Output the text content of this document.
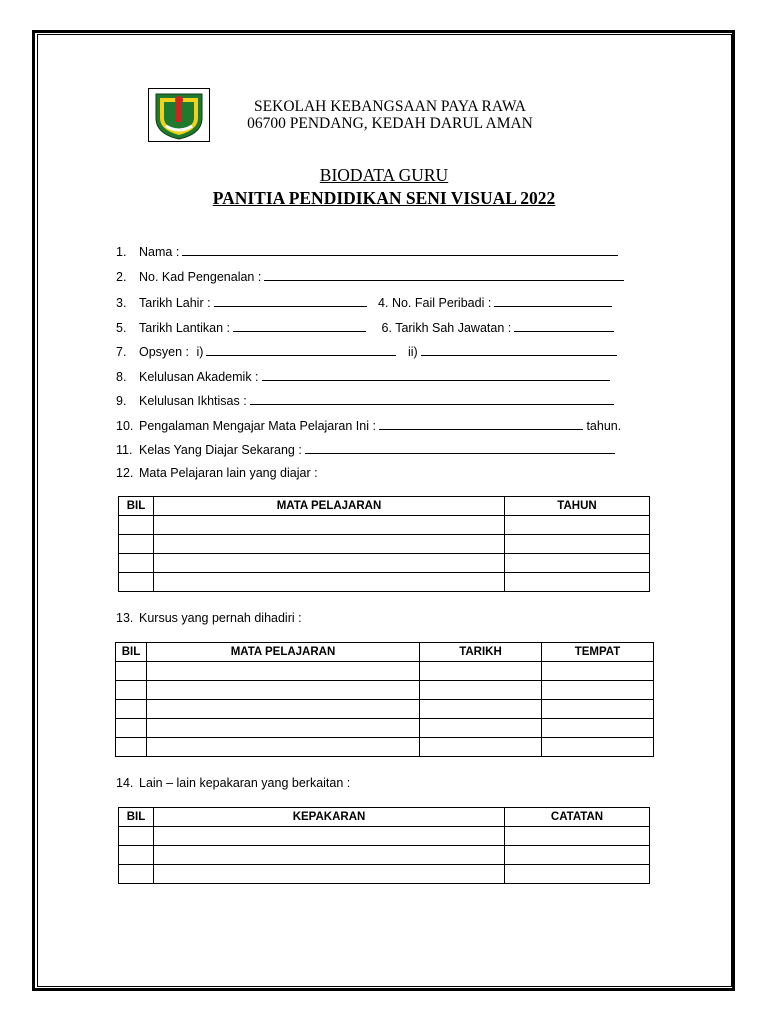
SEKOLAH KEBANGSAAN PAYA RAWA
06700 PENDANG, KEDAH DARUL AMAN
BIODATA GURU
PANITIA PENDIDIKAN SENI VISUAL 2022
1. Nama :
2. No. Kad Pengenalan :
3. Tarikh Lahir :	4. No. Fail Peribadi :
5. Tarikh Lantikan :	6. Tarikh Sah Jawatan :
7. Opsyen : i)	ii)
8. Kelulusan Akademik :
9. Kelulusan Ikhtisas :
10. Pengalaman Mengajar Mata Pelajaran Ini :	tahun.
11. Kelas Yang Diajar Sekarang :
12. Mata Pelajaran lain yang diajar :
BIL	MATA PELAJARAN	TAHUN

13. Kursus yang pernah dihadiri :
BIL	MATA PELAJARAN	TARIKH	TEMPAT

14. Lain – lain kepakaran yang berkaitan :
BIL	KEPAKARAN	CATATAN
